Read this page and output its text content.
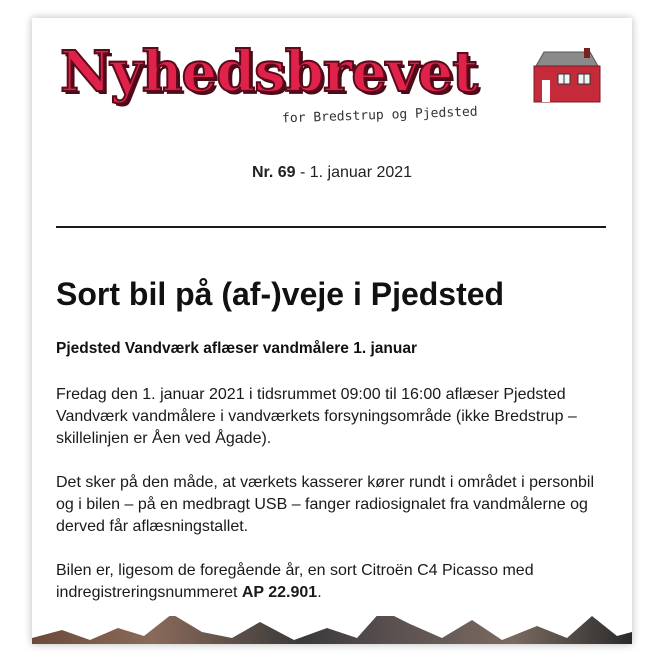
Nyhedsbrevet
for Bredstrup og Pjedsted
Nr. 69 - 1. januar 2021
Sort bil på (af-)veje i Pjedsted
Pjedsted Vandværk aflæser vandmålere 1. januar

Fredag den 1. januar 2021 i tidsrummet 09:00 til 16:00 aflæser Pjedsted Vandværk vandmålere i vandværkets forsyningsområde (ikke Bredstrup – skillelinjen er Åen ved Ågade).

Det sker på den måde, at værkets kasserer kører rundt i området i personbil og i bilen – på en medbragt USB – fanger radiosignalet fra vandmålerne og derved får aflæsningstallet.

Bilen er, ligesom de foregående år, en sort Citroën C4 Picasso med indregistreringsnummeret AP 22.901.
